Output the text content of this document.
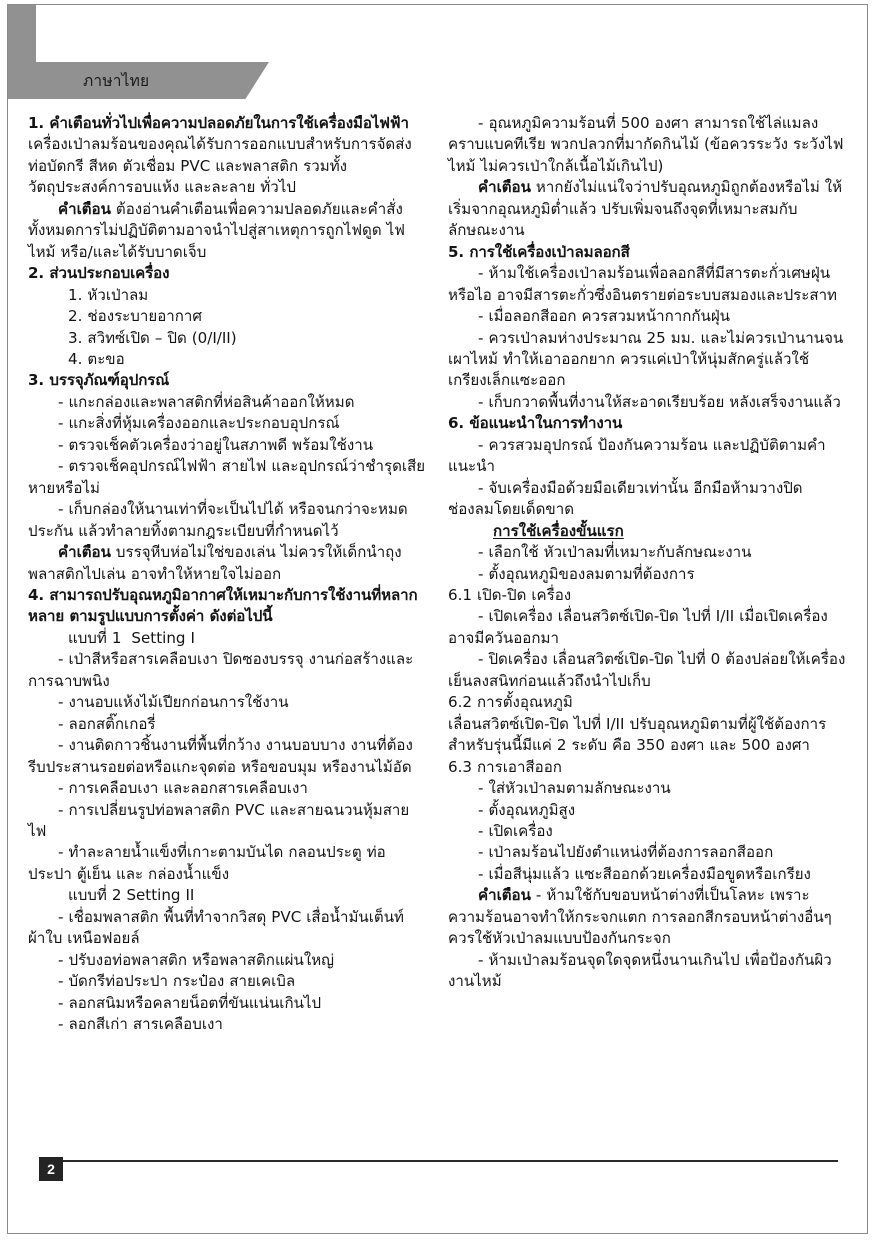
ภาษาไทย

1. คำเตือนทั่วไปเพื่อความปลอดภัยในการใช้เครื่องมือไฟฟ้า

เครื่องเป่าลมร้อนของคุณได้รับการออกแบบสำหรับการจัดส่งท่อบัดกรี สีหด ตัวเชื่อม PVC และพลาสติก รวมทั้งวัตถุประสงค์การอบแห้ง และละลาย ทั่วไป

คำเตือน ต้องอ่านคำเตือนเพื่อความปลอดภัยและคำสั่งทั้งหมดการไม่ปฏิบัติตามอาจนำไปสู่สาเหตุการถูกไฟดูด ไฟไหม้ หรือ/และได้รับบาดเจ็บ

2. ส่วนประกอบเครื่อง

1. หัวเป่าลม

2. ช่องระบายอากาศ

3. สวิทซ์เปิด – ปิด (0/I/II)

4. ตะขอ

3. บรรจุภัณฑ์อุปกรณ์

- แกะกล่องและพลาสติกที่ห่อสินค้าออกให้หมด

- แกะสิ่งที่หุ้มเครื่องออกและประกอบอุปกรณ์

- ตรวจเช็คตัวเครื่องว่าอยู่ในสภาพดี พร้อมใช้งาน

- ตรวจเช็คอุปกรณ์ไฟฟ้า สายไฟ และอุปกรณ์ว่าชำรุดเสียหายหรือไม่

- เก็บกล่องให้นานเท่าที่จะเป็นไปได้ หรือจนกว่าจะหมดประกัน แล้วทำลายทิ้งตามกฎระเบียบที่กำหนดไว้

คำเตือน บรรจุหีบห่อไม่ใช่ของเล่น ไม่ควรให้เด็กนำถุงพลาสติกไปเล่น อาจทำให้หายใจไม่ออก

4. สามารถปรับอุณหภูมิอากาศให้เหมาะกับการใช้งานที่หลากหลาย ตามรูปแบบการตั้งค่า ดังต่อไปนี้

แบบที่ 1  Setting I

- เป่าสีหรือสารเคลือบเงา ปิดซองบรรจุ งานก่อสร้างและการฉาบพนิง

- งานอบแห้งไม้เปียกก่อนการใช้งาน

- ลอกสติ๊กเกอรี่

- งานติดกาวชิ้นงานที่พื้นที่กว้าง งานบอบบาง งานที่ต้องรีบประสานรอยต่อหรือแกะจุดต่อ หรือขอบมุม หรืองานไม้อัด

- การเคลือบเงา และลอกสารเคลือบเงา

- การเปลี่ยนรูปท่อพลาสติก PVC และสายฉนวนหุ้มสายไฟ

- ทำละลายน้ำแข็งที่เกาะตามบันได กลอนประตู ท่อประปา ตู้เย็น และ กล่องน้ำแข็ง

แบบที่ 2 Setting II

- เชื่อมพลาสติก พื้นที่ทำจากวิสดุ PVC เสื่อน้ำมันเต็นท์ผ้าใบ เหนือฟอยล์

- ปรับงอท่อพลาสติก หรือพลาสติกแผ่นใหญ่

- บัดกรีท่อประปา กระป๋อง สายเคเบิล

- ลอกสนิมหรือคลายน็อตที่ขันแน่นเกินไป

- ลอกสีเก่า สารเคลือบเงา

- อุณหภูมิความร้อนที่ 500 องศา สามารถใช้ไล่แมลงคราบแบคทีเรีย พวกปลวกที่มากัดกินไม้ (ข้อควรระวัง ระวังไฟไหม้ ไม่ควรเป่าใกล้เนื้อไม้เกินไป)

คำเตือน หากยังไม่แน่ใจว่าปรับอุณหภูมิถูกต้องหรือไม่ ให้เริ่มจากอุณหภูมิต่ำแล้ว ปรับเพิ่มจนถึงจุดที่เหมาะสมกับลักษณะงาน

5. การใช้เครื่องเป่าลมลอกสี

- ห้ามใช้เครื่องเป่าลมร้อนเพื่อลอกสีที่มีสารตะกั่วเศษฝุ่นหรือไอ อาจมีสารตะกั่วซึ่งอินตรายต่อระบบสมองและประสาท

- เมื่อลอกสีออก ควรสวมหน้ากากกันฝุ่น

- ควรเป่าลมห่างประมาณ 25 มม. และไม่ควรเป่านานจนเผาไหม้ ทำให้เอาออกยาก ควรแค่เป่าให้นุ่มสักครู่แล้วใช้เกรียงเล็กแซะออก

- เก็บกวาดพื้นที่งานให้สะอาดเรียบร้อย หลังเสร็จงานแล้ว

6. ข้อแนะนำในการทำงาน

- ควรสวมอุปกรณ์ ป้องกันความร้อน และปฏิบัติตามคำแนะนำ

- จับเครื่องมือด้วยมือเดียวเท่านั้น อีกมือห้ามวางปิดช่องลมโดยเด็ดขาด

การใช้เครื่องขั้นแรก

- เลือกใช้ หัวเป่าลมที่เหมาะกับลักษณะงาน

- ตั้งอุณหภูมิของลมตามที่ต้องการ

6.1 เปิด-ปิด เครื่อง

- เปิดเครื่อง เลื่อนสวิตซ์เปิด-ปิด ไปที่ I/II เมื่อเปิดเครื่องอาจมีควันออกมา

- ปิดเครื่อง เลื่อนสวิตซ์เปิด-ปิด ไปที่ 0 ต้องปล่อยให้เครื่องเย็นลงสนิทก่อนแล้วถึงนำไปเก็บ

6.2 การตั้งอุณหภูมิ

เลื่อนสวิตซ์เปิด-ปิด ไปที่ I/II ปรับอุณหภูมิตามที่ผู้ใช้ต้องการ สำหรับรุ่นนี้มีแค่ 2 ระดับ คือ 350 องศา และ 500 องศา

6.3 การเอาสีออก

- ใส่หัวเป่าลมตามลักษณะงาน

- ตั้งอุณหภูมิสูง

- เปิดเครื่อง

- เป่าลมร้อนไปยังตำแหน่งที่ต้องการลอกสีออก

- เมื่อสีนุ่มแล้ว แซะสีออกด้วยเครื่องมือขูดหรือเกรียง

คำเตือน - ห้ามใช้กับขอบหน้าต่างที่เป็นโลหะ เพราะความร้อนอาจทำให้กระจกแตก การลอกสีกรอบหน้าต่างอื่นๆ ควรใช้หัวเป่าลมแบบป้องกันกระจก

- ห้ามเป่าลมร้อนจุดใดจุดหนึ่งนานเกินไป เพื่อป้องกันผิวงานไหม้

2
